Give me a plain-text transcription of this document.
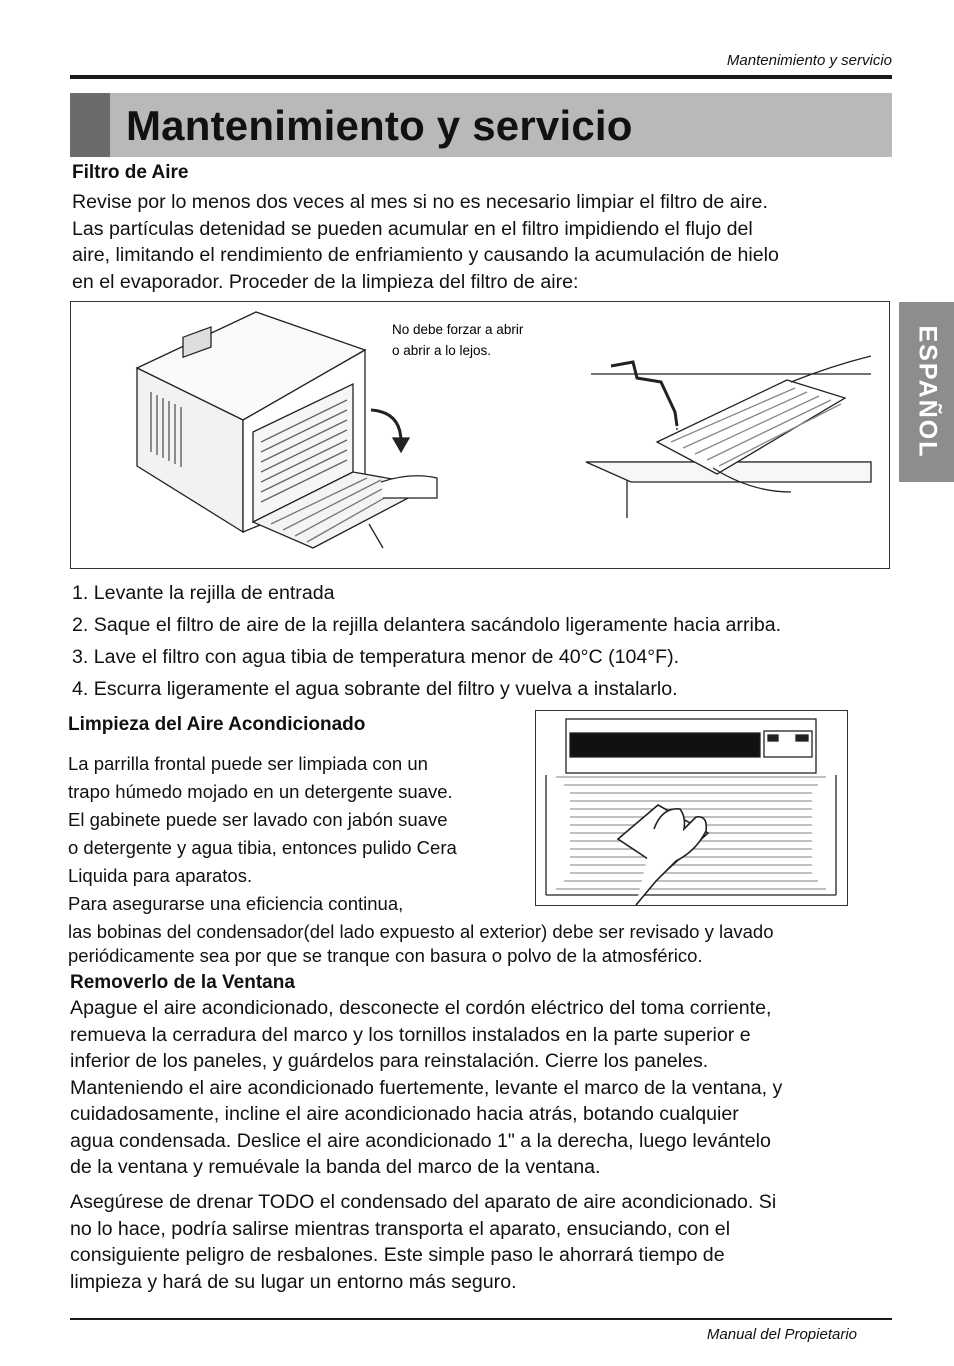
Mantenimiento y servicio
Mantenimiento y servicio
ESPAÑOL
Filtro de Aire

Revise por lo menos dos veces al mes si no es necesario limpiar el filtro de aire.

Las partículas detenidad se pueden acumular en el filtro impidiendo el flujo del

aire, limitando el rendimiento de enfriamiento y causando la acumulación de hielo

en el evaporador. Proceder de la limpieza del filtro de aire:

No debe forzar a abrir
o abrir a lo lejos.
1. Levante la rejilla de entrada
2. Saque el filtro de aire de la rejilla delantera sacándolo ligeramente hacia arriba.
3. Lave el filtro con agua tibia de temperatura menor de 40°C (104°F).
4. Escurra ligeramente el agua sobrante del filtro y vuelva a instalarlo.
Limpieza del Aire Acondicionado

La parrilla frontal puede ser limpiada con un

trapo húmedo mojado en un detergente suave.

El gabinete puede ser lavado con jabón suave

o detergente y agua tibia, entonces pulido Cera

Liquida para aparatos.

Para asegurarse una eficiencia continua,

las bobinas del condensador(del lado expuesto al exterior) debe ser revisado y lavado

periódicamente sea por que se tranque con basura o polvo de la atmosférico.

Removerlo de la Ventana

Apague el aire acondicionado, desconecte el cordón eléctrico del toma corriente,

remueva la cerradura del marco y los tornillos instalados en la parte superior e

inferior de los paneles, y guárdelos para reinstalación. Cierre los paneles.

Manteniendo el aire acondicionado fuertemente, levante el marco de la ventana, y

cuidadosamente, incline el aire acondicionado hacia atrás, botando cualquier

agua condensada. Deslice el aire acondicionado 1" a la derecha, luego levántelo

de la ventana y remuévale la banda del marco de la ventana.

Asegúrese de drenar TODO el condensado del aparato de aire acondicionado. Si

no lo hace, podría salirse mientras transporta el aparato, ensuciando, con el

consiguiente peligro de resbalones. Este simple paso le ahorrará tiempo de

limpieza y hará de su lugar un entorno más seguro.

Manual del Propietario
